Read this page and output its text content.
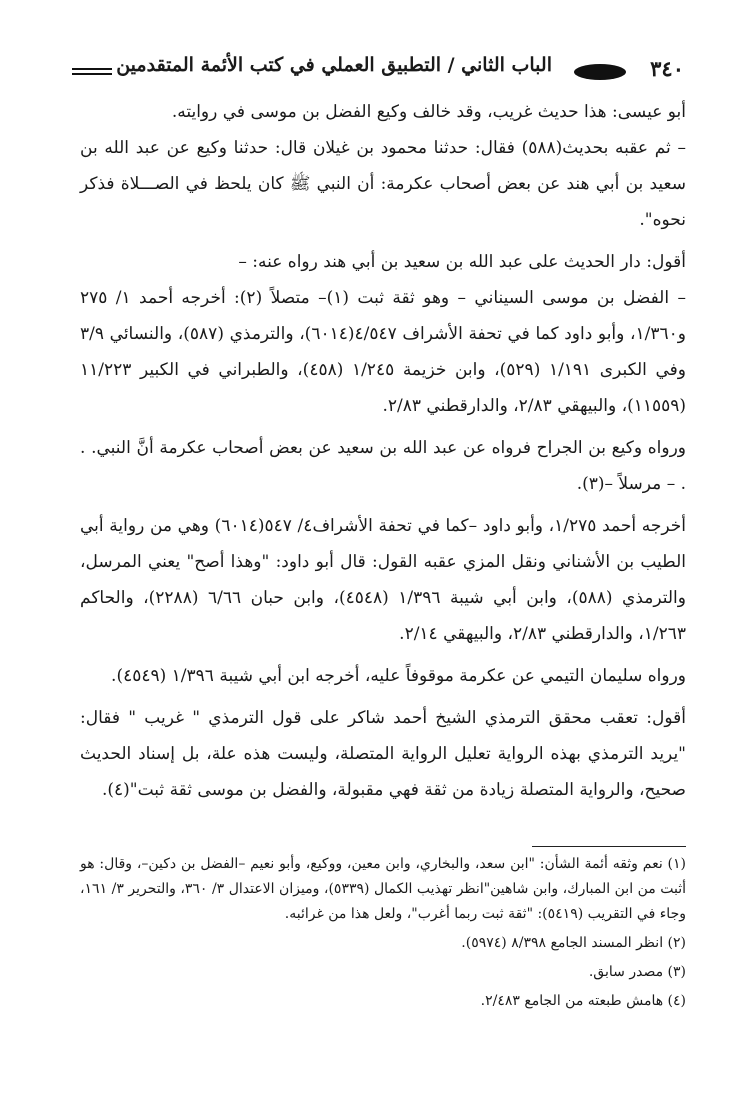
٣٤٠
الباب الثاني / التطبيق العملي في كتب الأئمة المتقدمين

أبو عيسى: هذا حديث غريب، وقد خالف وكيع الفضل بن موسى في روايته.

– ثم عقبه بحديث(٥٨٨) فقال: حدثنا محمود بن غيلان قال: حدثنا وكيع عن عبد الله بن سعيد بن أبي هند عن بعض أصحاب عكرمة: أن النبي ﷺ كان يلحظ في الصـــلاة فذكر نحوه".

أقول: دار الحديث على عبد الله بن سعيد بن أبي هند رواه عنه: –

– الفضل بن موسى السيناني – وهو ثقة ثبت (١)– متصلاً (٢): أخرجه أحمد ١/ ٢٧٥ و١/٣٦٠، وأبو داود كما في تحفة الأشراف ٤/٥٤٧(٦٠١٤)، والترمذي (٥٨٧)، والنسائي ٣/٩ وفي الكبرى ١/١٩١ (٥٢٩)، وابن خزيمة ١/٢٤٥ (٤٥٨)، والطبراني في الكبير ١١/٢٢٣ (١١٥٥٩)، والبيهقي ٢/٨٣، والدارقطني ٢/٨٣.

ورواه وكيع بن الجراح فرواه عن عبد الله بن سعيد عن بعض أصحاب عكرمة أنَّ النبي. . . – مرسلاً –(٣).

أخرجه أحمد ١/٢٧٥، وأبو داود –كما في تحفة الأشراف٤/ ٥٤٧(٦٠١٤) وهي من رواية أبي الطيب بن الأشناني ونقل المزي عقبه القول: قال أبو داود: "وهذا أصح" يعني المرسل، والترمذي (٥٨٨)، وابن أبي شيبة ١/٣٩٦ (٤٥٤٨)، وابن حبان ٦/٦٦ (٢٢٨٨)، والحاكم ١/٢٦٣، والدارقطني ٢/٨٣، والبيهقي ٢/١٤.

ورواه سليمان التيمي عن عكرمة موقوفاً عليه، أخرجه ابن أبي شيبة ١/٣٩٦ (٤٥٤٩).

أقول: تعقب محقق الترمذي الشيخ أحمد شاكر على قول الترمذي " غريب " فقال: "يريد الترمذي بهذه الرواية تعليل الرواية المتصلة، وليست هذه علة، بل إسناد الحديث صحيح، والرواية المتصلة زيادة من ثقة فهي مقبولة، والفضل بن موسى ثقة ثبت"(٤).

(١) نعم وثقه أئمة الشأن: "ابن سعد، والبخاري، وابن معين، ووكيع، وأبو نعيم –الفضل بن دكين–، وقال: هو أثبت من ابن المبارك، وابن شاهين"انظر تهذيب الكمال (٥٣٣٩)، وميزان الاعتدال ٣/ ٣٦٠، والتحرير ٣/ ١٦١، وجاء في التقريب (٥٤١٩): "ثقة ثبت ربما أغرب"، ولعل هذا من غرائبه.

(٢) انظر المسند الجامع ٨/٣٩٨ (٥٩٧٤).

(٣) مصدر سابق.

(٤) هامش طبعته من الجامع ٢/٤٨٣.
